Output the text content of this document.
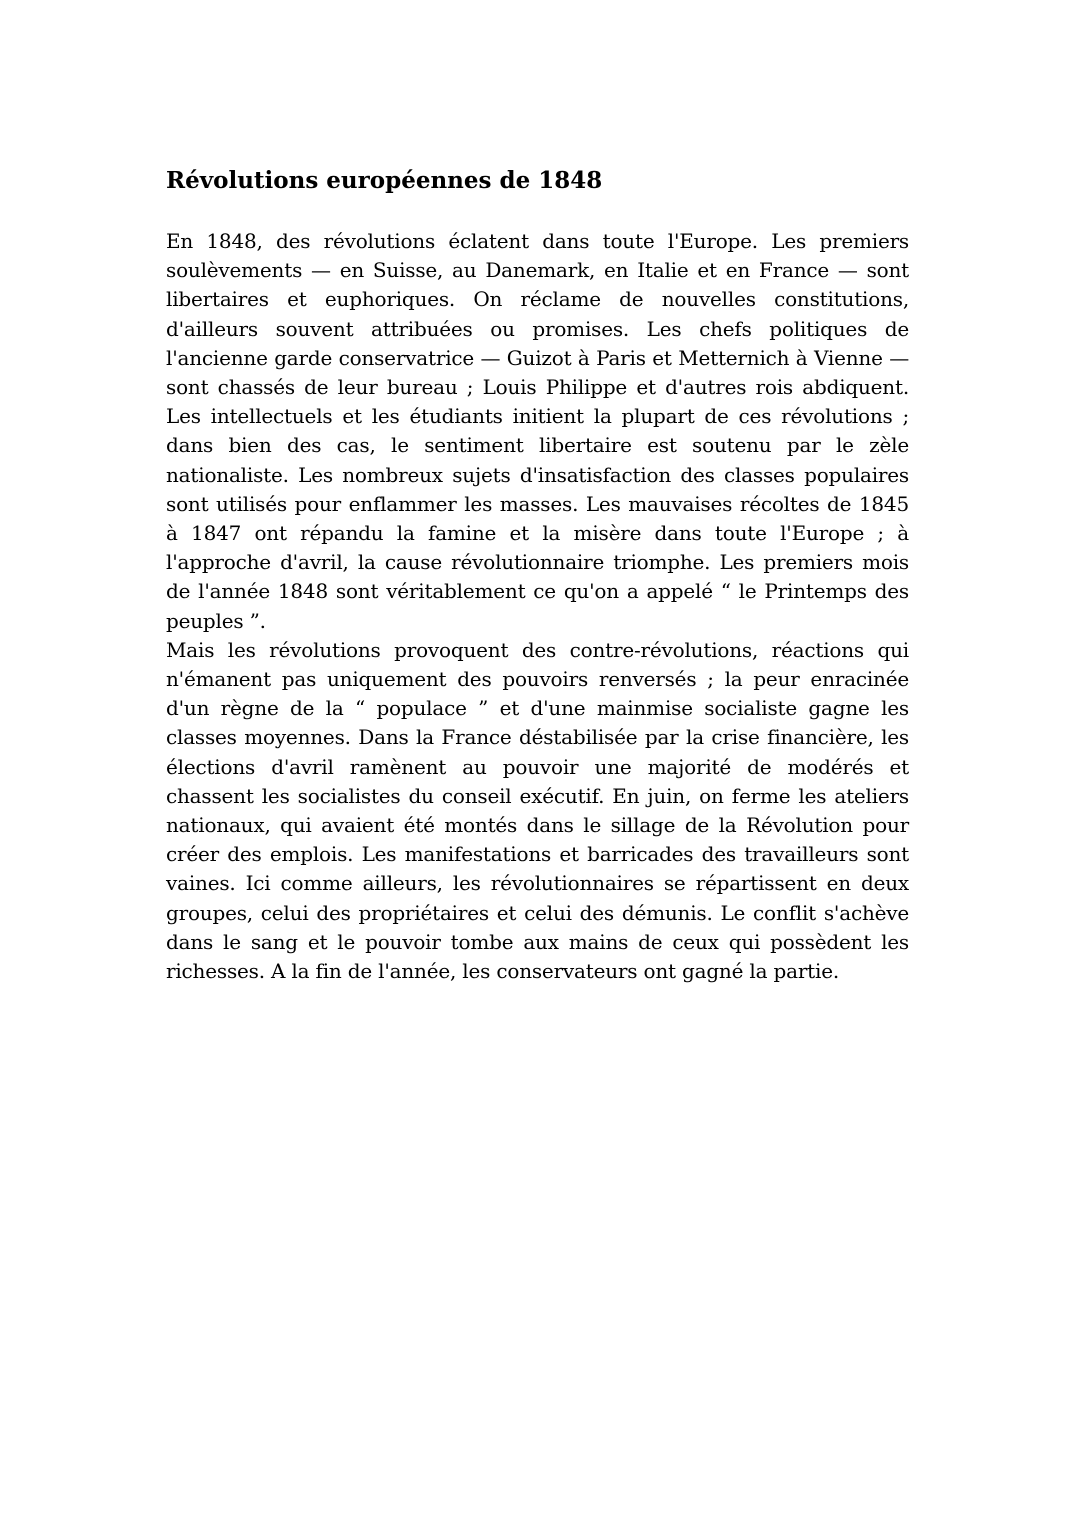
Révolutions européennes de 1848

En 1848, des révolutions éclatent dans toute l'Europe. Les premiers soulèvements — en Suisse, au Danemark, en Italie et en France — sont libertaires et euphoriques. On réclame de nouvelles constitutions, d'ailleurs souvent attribuées ou promises. Les chefs politiques de l'ancienne garde conservatrice — Guizot à Paris et Metternich à Vienne — sont chassés de leur bureau ; Louis Philippe et d'autres rois abdiquent. Les intellectuels et les étudiants initient la plupart de ces révolutions ; dans bien des cas, le sentiment libertaire est soutenu par le zèle nationaliste. Les nombreux sujets d'insatisfaction des classes populaires sont utilisés pour enflammer les masses. Les mauvaises récoltes de 1845 à 1847 ont répandu la famine et la misère dans toute l'Europe ; à l'approche d'avril, la cause révolutionnaire triomphe. Les premiers mois de l'année 1848 sont véritablement ce qu'on a appelé “ le Printemps des peuples ”.

Mais les révolutions provoquent des contre-révolutions, réactions qui n'émanent pas uniquement des pouvoirs renversés ; la peur enracinée d'un règne de la “ populace ” et d'une mainmise socialiste gagne les classes moyennes. Dans la France déstabilisée par la crise financière, les élections d'avril ramènent au pouvoir une majorité de modérés et chassent les socialistes du conseil exécutif. En juin, on ferme les ateliers nationaux, qui avaient été montés dans le sillage de la Révolution pour créer des emplois. Les manifestations et barricades des travailleurs sont vaines. Ici comme ailleurs, les révolutionnaires se répartissent en deux groupes, celui des propriétaires et celui des démunis. Le conflit s'achève dans le sang et le pouvoir tombe aux mains de ceux qui possèdent les richesses. A la fin de l'année, les conservateurs ont gagné la partie.
